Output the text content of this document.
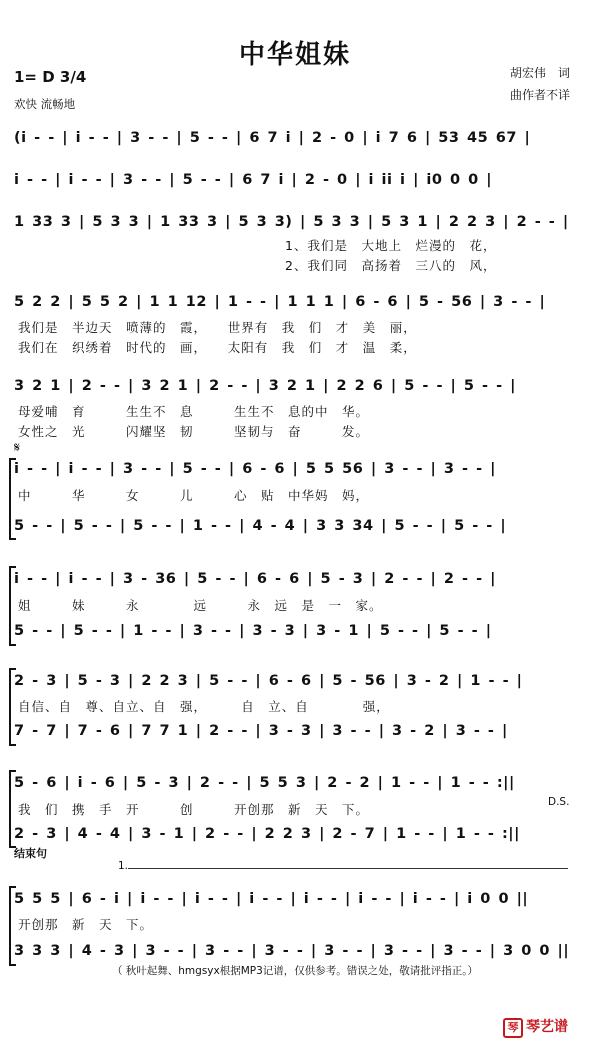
中华姐妹
胡宏伟　词
曲作者不详
1= D 3/4
欢快 流畅地
(i - - | i - - | 3 - - | 5 - - | 6 7 i | 2 - 0 | i 7 6 | 53 45 67 |
i - - | i - - | 3 - - | 5 - - | 6 7 i | 2 - 0 | i ii i | i0 0 0 |
1 33 3 | 5 3 3 | 1 33 3 | 5 3 3) | 5 3 3 | 5 3 1 | 2 2 3 | 2 - - |
5 2 2 | 5 5 2 | 1 1 12 | 1 - - | 1 1 1 | 6 - 6 | 5 - 56 | 3 - - |
3 2 1 | 2 - - | 3 2 1 | 2 - - | 3 2 1 | 2 2 6 | 5 - - | 5 - - |
i - - | i - - | 3 - - | 5 - - | 6 - 6 | 5 5 56 | 3 - - | 3 - - |
5 - - | 5 - - | 5 - - | 1 - - | 4 - 4 | 3 3 34 | 5 - - | 5 - - |
i - - | i - - | 3 - 36 | 5 - - | 6 - 6 | 5 - 3 | 2 - - | 2 - - |
5 - - | 5 - - | 1 - - | 3 - - | 3 - 3 | 3 - 1 | 5 - - | 5 - - |
2 - 3 | 5 - 3 | 2 2 3 | 5 - - | 6 - 6 | 5 - 56 | 3 - 2 | 1 - - |
7 - 7 | 7 - 6 | 7 7 1 | 2 - - | 3 - 3 | 3 - - | 3 - 2 | 3 - - |
5 - 6 | i - 6 | 5 - 3 | 2 - - | 5 5 3 | 2 - 2 | 1 - - | 1 - - :||
2 - 3 | 4 - 4 | 3 - 1 | 2 - - | 2 2 3 | 2 - 7 | 1 - - | 1 - - :||
5 5 5 | 6 - i | i - - | i - - | i - - | i - - | i - - | i - - | i 0 0 ||
3 3 3 | 4 - 3 | 3 - - | 3 - - | 3 - - | 3 - - | 3 - - | 3 - - | 3 0 0 ||
1、我们是　大地上　烂漫的　花，
2、我们同　高扬着　三八的　风，
我们是　半边天　喷薄的　霞，　　世界有　我　们　才　美　丽，
我们在　织绣着　时代的　画，　　太阳有　我　们　才　温　柔，
母爱哺　育　　　生生不　息　　　生生不　息的中　华。
女性之　光　　　闪耀坚　韧　　　坚韧与　奋　　　发。
中　　　华　　　女　　　儿　　　心　贴　中华妈　妈，
姐　　　妹　　　永　　　　远　　　永　远　是　一　家。
自信、自　尊、自立、自　强，　　　自　立、自　　　　强，
我　们　携　手　开　　　创　　　开创那　新　天　下。
开创那　新　天　下。
𝄋
D.S.
1.
结束句
（ 秋叶起舞、hmgsyx根据MP3记谱，仅供参考。错误之处，敬请批评指正。）
琴 琴艺谱
